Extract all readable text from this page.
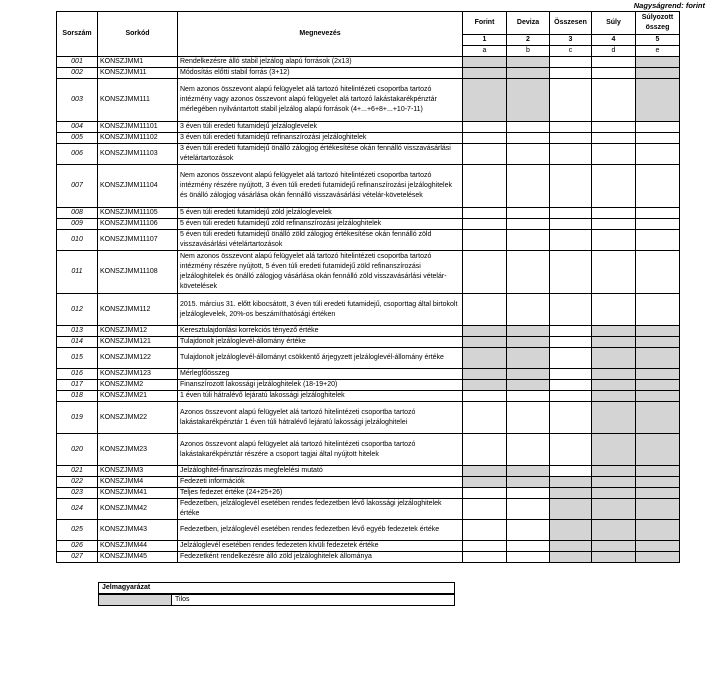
Nagyságrend: forint
Sorszám	Sorkód	Megnevezés	Forint	Deviza	Összesen	Súly	Súlyozott összeg
			1	2	3	4	5
			a	b	c	d	e
001	KONSZJMM1	Rendelkezésre álló stabil jelzálog alapú források (2x13)					
002	KONSZJMM11	Módosítás előtti stabil forrás (3+12)					
003	KONSZJMM111	Nem azonos összevont alapú felügyelet alá tartozó hitelintézeti csoportba tartozó intézmény vagy azonos összevont alapú felügyelet alá tartozó lakástakarékpénztár mérlegében nyilvántartott stabil jelzálog alapú források (4+...+6+8+...+10-7-11)					
004	KONSZJMM11101	3 éven túli eredeti futamidejű jelzáloglevelek					
005	KONSZJMM11102	3 éven túli eredeti futamidejű refinanszírozási jelzáloghitelek					
006	KONSZJMM11103	3 éven túli eredeti futamidejű önálló zálogjog értékesítése okán fennálló visszavásárlási vételártartozások					
007	KONSZJMM11104	Nem azonos összevont alapú felügyelet alá tartozó hitelintézeti csoportba tartozó intézmény részére nyújtott, 3 éven túli eredeti futamidejű refinanszírozási jelzáloghitelek és önálló zálogjog vásárlása okán fennálló visszavásárlási vételár-követelések					
008	KONSZJMM11105	5 éven túli eredeti futamidejű zöld jelzáloglevelek					
009	KONSZJMM11106	5 éven túli eredeti futamidejű zöld refinanszírozási jelzáloghitelek					
010	KONSZJMM11107	5 éven túli eredeti futamidejű önálló zöld zálogjog értékesítése okán fennálló zöld visszavásárlási vételártartozások					
011	KONSZJMM11108	Nem azonos összevont alapú felügyelet alá tartozó hitelintézeti csoportba tartozó intézmény részére nyújtott, 5 éven túli eredeti futamidejű zöld refinanszírozási jelzáloghitelek és önálló zálogjog vásárlása okán fennálló zöld visszavásárlási vételár-követelések					
012	KONSZJMM112	2015. március 31. előtt kibocsátott, 3 éven túli eredeti futamidejű, csoporttag által birtokolt jelzáloglevelek, 20%-os beszámíthatósági értéken					
013	KONSZJMM12	Keresztulajdonlási korrekciós tényező értéke					
014	KONSZJMM121	Tulajdonolt jelzáloglevél-állomány értéke					
015	KONSZJMM122	Tulajdonolt jelzáloglevél-állományt csökkentő árjegyzett jelzáloglevél-állomány értéke					
016	KONSZJMM123	Mérlegfőösszeg					
017	KONSZJMM2	Finanszírozott lakossági jelzáloghitelek (18-19+20)					
018	KONSZJMM21	1 éven túli hátralévő lejáratú lakossági jelzáloghitelek					
019	KONSZJMM22	Azonos összevont alapú felügyelet alá tartozó hitelintézeti csoportba tartozó lakástakarékpénztár 1 éven túli hátralévő lejáratú lakossági jelzáloghitelei					
020	KONSZJMM23	Azonos összevont alapú felügyelet alá tartozó hitelintézeti csoportba tartozó lakástakarékpénztár részére a csoport tagjai által nyújtott hitelek					
021	KONSZJMM3	Jelzáloghitel-finanszírozás megfelelési mutató					
022	KONSZJMM4	Fedezeti információk					
023	KONSZJMM41	Teljes fedezet értéke (24+25+26)					
024	KONSZJMM42	Fedezetben, jelzáloglevél esetében rendes fedezetben lévő lakossági jelzáloghitelek értéke					
025	KONSZJMM43	Fedezetben, jelzáloglevél esetében rendes fedezetben lévő egyéb fedezetek értéke					
026	KONSZJMM44	Jelzáloglevél esetében rendes fedezeten kívüli fedezetek értéke					
027	KONSZJMM45	Fedezetként rendelkezésre álló zöld jelzáloghitelek állománya					
Jelmagyarázat
	Tilos
